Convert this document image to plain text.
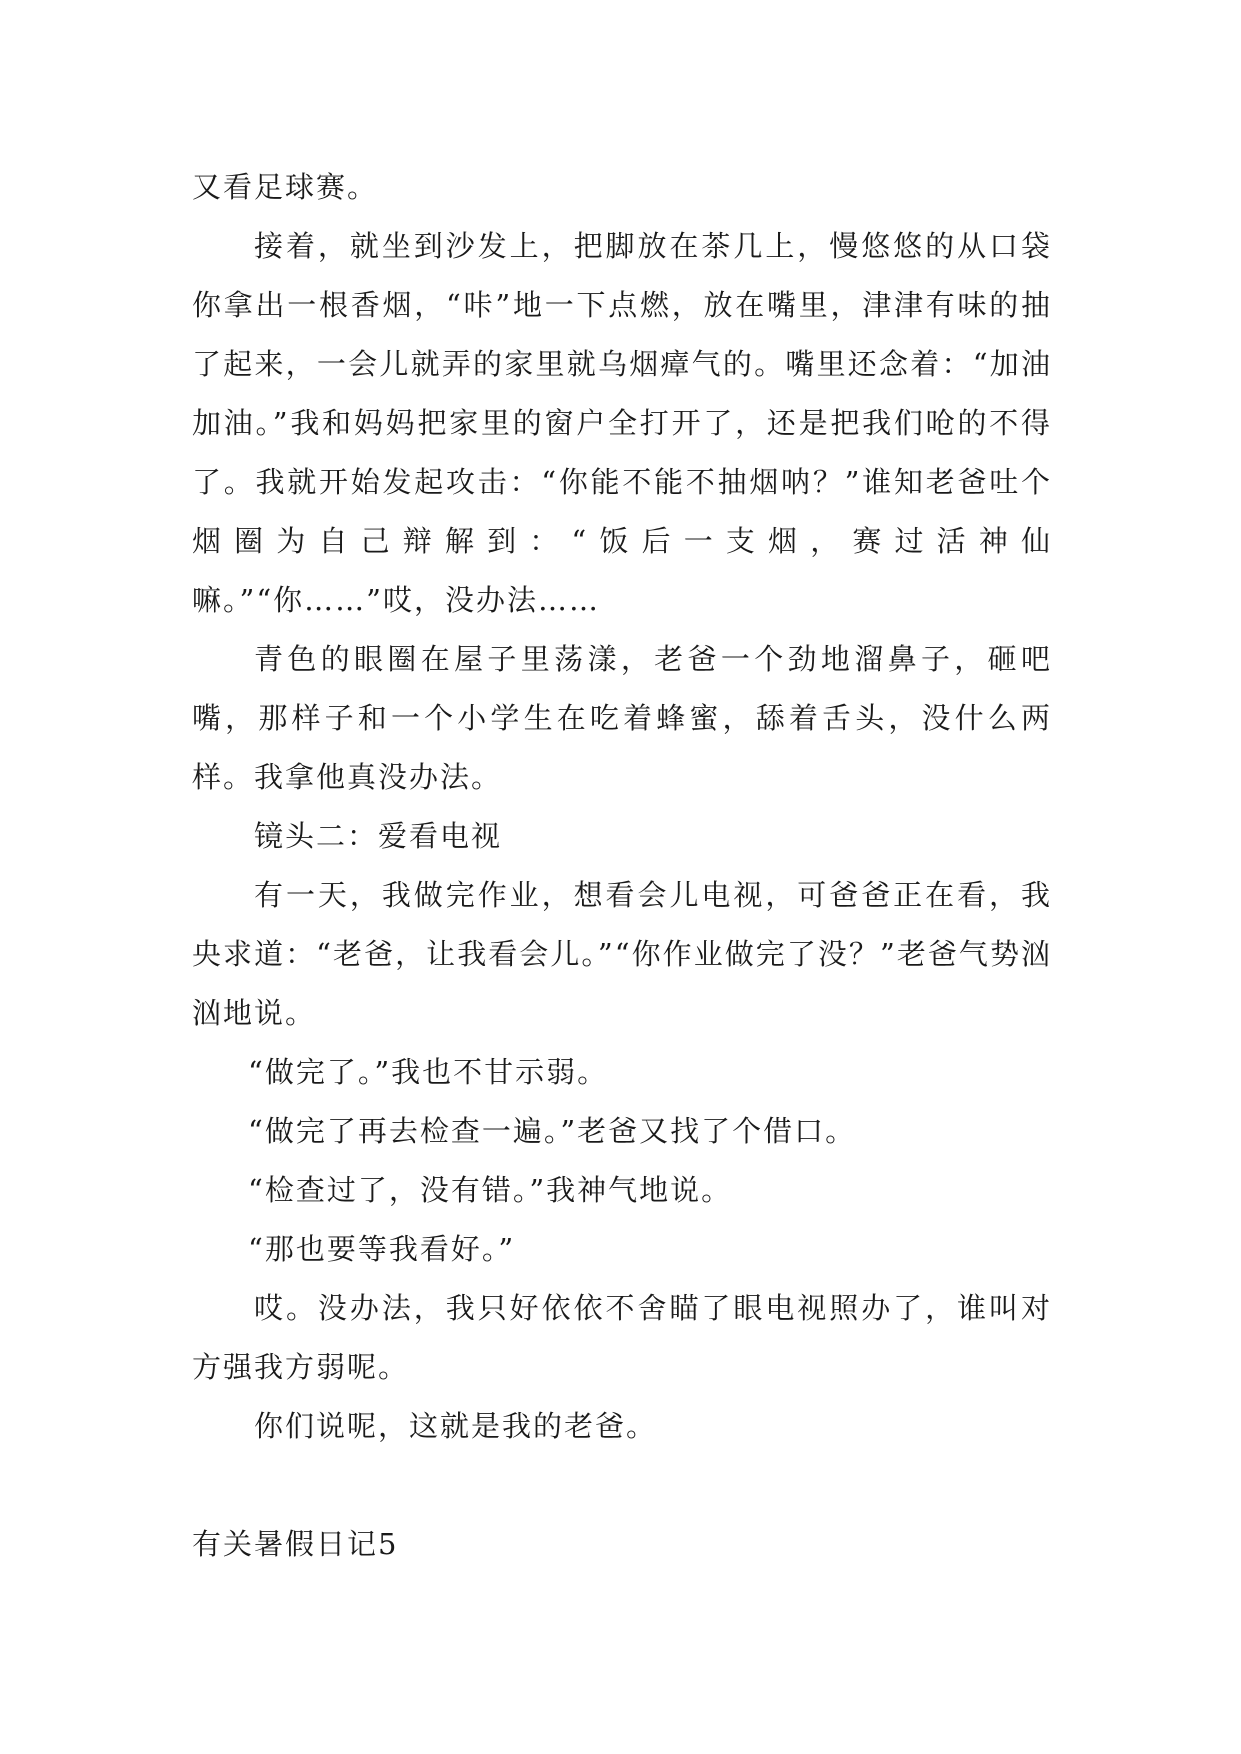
又看足球赛。

接着，就坐到沙发上，把脚放在茶几上，慢悠悠的从口袋你拿出一根香烟，“咔”地一下点燃，放在嘴里，津津有味的抽了起来，一会儿就弄的家里就乌烟瘴气的。嘴里还念着：“加油加油。”我和妈妈把家里的窗户全打开了，还是把我们呛的不得了。我就开始发起攻击：“你能不能不抽烟呐？”谁知老爸吐个烟圈为自己辩解到：“饭后一支烟，赛过活神仙嘛。”“你……”哎，没办法……

青色的眼圈在屋子里荡漾，老爸一个劲地溜鼻子，砸吧嘴，那样子和一个小学生在吃着蜂蜜，舔着舌头，没什么两样。我拿他真没办法。

镜头二：爱看电视

有一天，我做完作业，想看会儿电视，可爸爸正在看，我央求道：“老爸，让我看会儿。”“你作业做完了没？”老爸气势汹汹地说。

“做完了。”我也不甘示弱。

“做完了再去检查一遍。”老爸又找了个借口。

“检查过了，没有错。”我神气地说。

“那也要等我看好。”

哎。没办法，我只好依依不舍瞄了眼电视照办了，谁叫对方强我方弱呢。

你们说呢，这就是我的老爸。

有关暑假日记5
